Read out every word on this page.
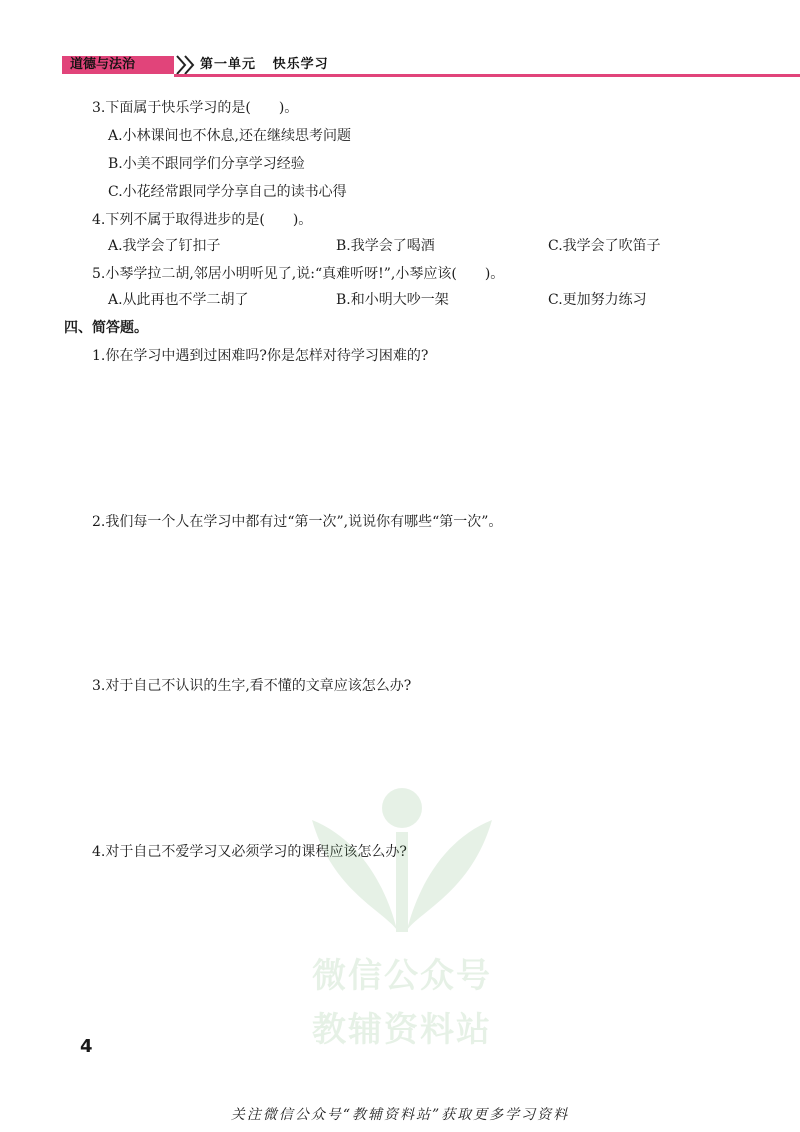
道德与法治	第一单元   快乐学习
3.下面属于快乐学习的是(　　)。
A.小林课间也不休息,还在继续思考问题
B.小美不跟同学们分享学习经验
C.小花经常跟同学分享自己的读书心得
4.下列不属于取得进步的是(　　)。
A.我学会了钉扣子	B.我学会了喝酒	C.我学会了吹笛子
5.小琴学拉二胡,邻居小明听见了,说:“真难听呀!”,小琴应该(　　)。
A.从此再也不学二胡了	B.和小明大吵一架	C.更加努力练习
四、简答题。
1.你在学习中遇到过困难吗?你是怎样对待学习困难的?
2.我们每一个人在学习中都有过“第一次”,说说你有哪些“第一次”。
3.对于自己不认识的生字,看不懂的文章应该怎么办?
4.对于自己不爱学习又必须学习的课程应该怎么办?
微信公众号
教辅资料站
4
关注微信公众号“教辅资料站”获取更多学习资料
